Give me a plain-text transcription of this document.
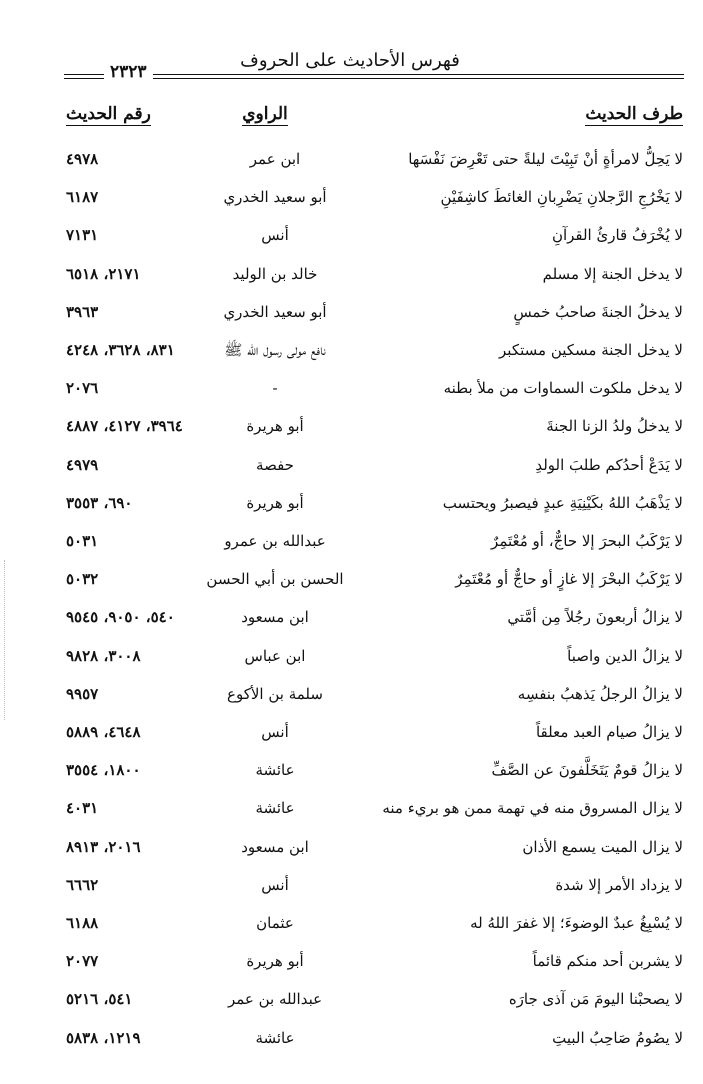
فهرس الأحاديث على الحروف
٢٣٢٣
طرف الحديث
الراوي
رقم الحديث
لا يَحِلُّ لامرأةٍ أنْ تَبِيْتَ ليلةً حتى تَعْرِضَ نَفْسَها
ابن عمر
٤٩٧٨
لا يَخْرُجِ الرَّجلانِ يَضْرِبانِ الغائطَ كاشِفَيْنِ
أبو سعيد الخدري
٦١٨٧
لا يُخْرَفُ قارئُ القرآنِ
أنس
٧١٣١
لا يدخل الجنة إلا مسلم
خالد بن الوليد
٢١٧١، ٦٥١٨
لا يدخلُ الجنةَ صاحبُ خمسٍ
أبو سعيد الخدري
٣٩٦٣
لا يدخل الجنة مسكين مستكبر
نافع مولى رسول الله ﷺ
٨٣١، ٣٦٢٨، ٤٢٤٨
لا يدخل ملكوت السماوات من ملأ بطنه
-
٢٠٧٦
لا يدخلُ ولدُ الزنا الجنةَ
أبو هريرة
٣٩٦٤، ٤١٢٧، ٤٨٨٧
لا يَدَعْ أحدُكم طلبَ الولدِ
حفصة
٤٩٧٩
لا يَذْهَبُ اللهُ بكَيْنِيَةِ عبدٍ فيصبرُ ويحتسب
أبو هريرة
٦٩٠، ٣٥٥٣
لا يَرْكَبُ البحرَ إلا حاجٌّ، أو مُعْتَمِرٌ
عبدالله بن عمرو
٥٠٣١
لا يَرْكَبُ البحْرَ إلا غازٍ أو حاجٌّ أو مُعْتَمِرٌ
الحسن بن أبي الحسن
٥٠٣٢
لا يزالُ أربعونَ رجُلاً مِن أمَّتي
ابن مسعود
٥٤٠، ٩٠٥٠، ٩٥٤٥
لا يزالُ الدين واصباً
ابن عباس
٣٠٠٨، ٩٨٢٨
لا يزالُ الرجلُ يَذهبُ بنفسِه
سلمة بن الأكوع
٩٩٥٧
لا يزالُ صيام العبد معلقاً
أنس
٤٦٤٨، ٥٨٨٩
لا يزالُ قومٌ يَتَخَلَّفونَ عن الصَّفِّ
عائشة
١٨٠٠، ٣٥٥٤
لا يزال المسروق منه في تهمة ممن هو بريء منه
عائشة
٤٠٣١
لا يزال الميت يسمع الأذان
ابن مسعود
٢٠١٦، ٨٩١٣
لا يزداد الأمر إلا شدة
أنس
٦٦٦٢
لا يُسْبِغُ عبدٌ الوضوءَ؛ إلا غفرَ اللهُ له
عثمان
٦١٨٨
لا يشربن أحد منكم قائماً
أبو هريرة
٢٠٧٧
لا يصحبْنا اليومَ مَن آذى جارَه
عبدالله بن عمر
٥٤١، ٥٢١٦
لا يصُومُ صَاحِبُ البيتِ
عائشة
١٢١٩، ٥٨٣٨
